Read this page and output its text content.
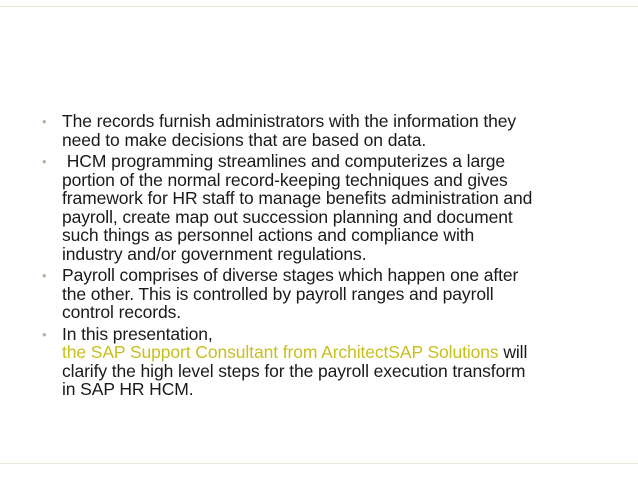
• The records furnish administrators with the information they
need to make decisions that are based on data.
• HCM programming streamlines and computerizes a large
portion of the normal record-keeping techniques and gives
framework for HR staff to manage benefits administration and
payroll, create map out succession planning and document
such things as personnel actions and compliance with
industry and/or government regulations.
• Payroll comprises of diverse stages which happen one after
the other. This is controlled by payroll ranges and payroll
control records.
• In this presentation,
the SAP Support Consultant from ArchitectSAP Solutions will
clarify the high level steps for the payroll execution transform
in SAP HR HCM.
